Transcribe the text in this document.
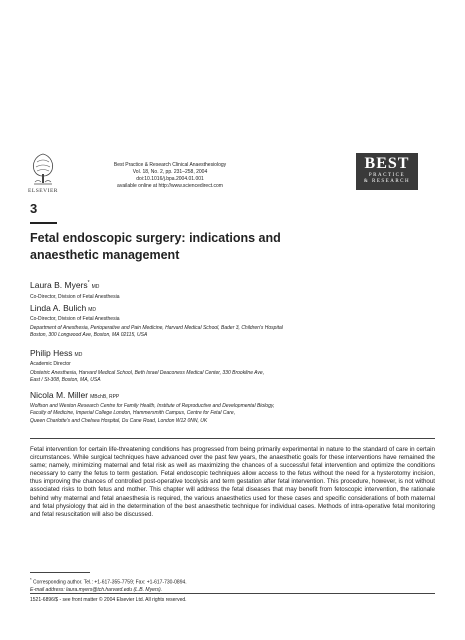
ELSEVIER
Best Practice & Research Clinical Anaesthesiology
Vol. 18, No. 2, pp. 231–258, 2004
doi:10.1016/j.bpa.2004.01.001
available online at http://www.sciencedirect.com
BEST
PRACTICE
& RESEARCH
3
Fetal endoscopic surgery: indications and
anaesthetic management
Laura B. Myers*MD
Co-Director, Division of Fetal Anesthesia
Linda A. Bulich MD
Co-Director, Division of Fetal Anesthesia
Department of Anesthesia, Perioperative and Pain Medicine, Harvard Medical School, Bader 3, Children's Hospital
Boston, 300 Longwood Ave, Boston, MA 02115, USA
Philip Hess MD
Academic Director
Obstetric Anesthesia, Harvard Medical School, Beth Israel Deaconess Medical Center, 330 Brookline Ave,
East / St-308, Boston, MA, USA
Nicola M. Miller MBchB, RPP
Wolfson and Weston Research Centre for Family Health, Institute of Reproductive and Developmental Biology,
Faculty of Medicine, Imperial College London, Hammersmith Campus, Centre for Fetal Care,
Queen Charlotte's and Chelsea Hospital, Du Cane Road, London W12 0NN, UK
Fetal intervention for certain life-threatening conditions has progressed from being primarily experimental in nature to the standard of care in certain circumstances. While surgical techniques have advanced over the past few years, the anaesthetic goals for these interventions have remained the same; namely, minimizing maternal and fetal risk as well as maximizing the chances of a successful fetal intervention and optimize the conditions necessary to carry the fetus to term gestation. Fetal endoscopic techniques allow access to the fetus without the need for a hysterotomy incision, thus improving the chances of controlled post-operative tocolysis and term gestation after fetal intervention. This procedure, however, is not without associated risks to both fetus and mother. This chapter will address the fetal diseases that may benefit from fetoscopic intervention, the rationale behind why maternal and fetal anaesthesia is required, the various anaesthetics used for these cases and specific considerations of both maternal and fetal physiology that aid in the determination of the best anaesthetic technique for individual cases. Methods of intra-operative fetal monitoring and fetal resuscitation will also be discussed.
* Corresponding author. Tel.: +1-617-355-7759; Fax: +1-617-730-0894.
E-mail address: laura.myers@tch.harvard.edu (L.B. Myers).
1521-6896/$ - see front matter © 2004 Elsevier Ltd. All rights reserved.
